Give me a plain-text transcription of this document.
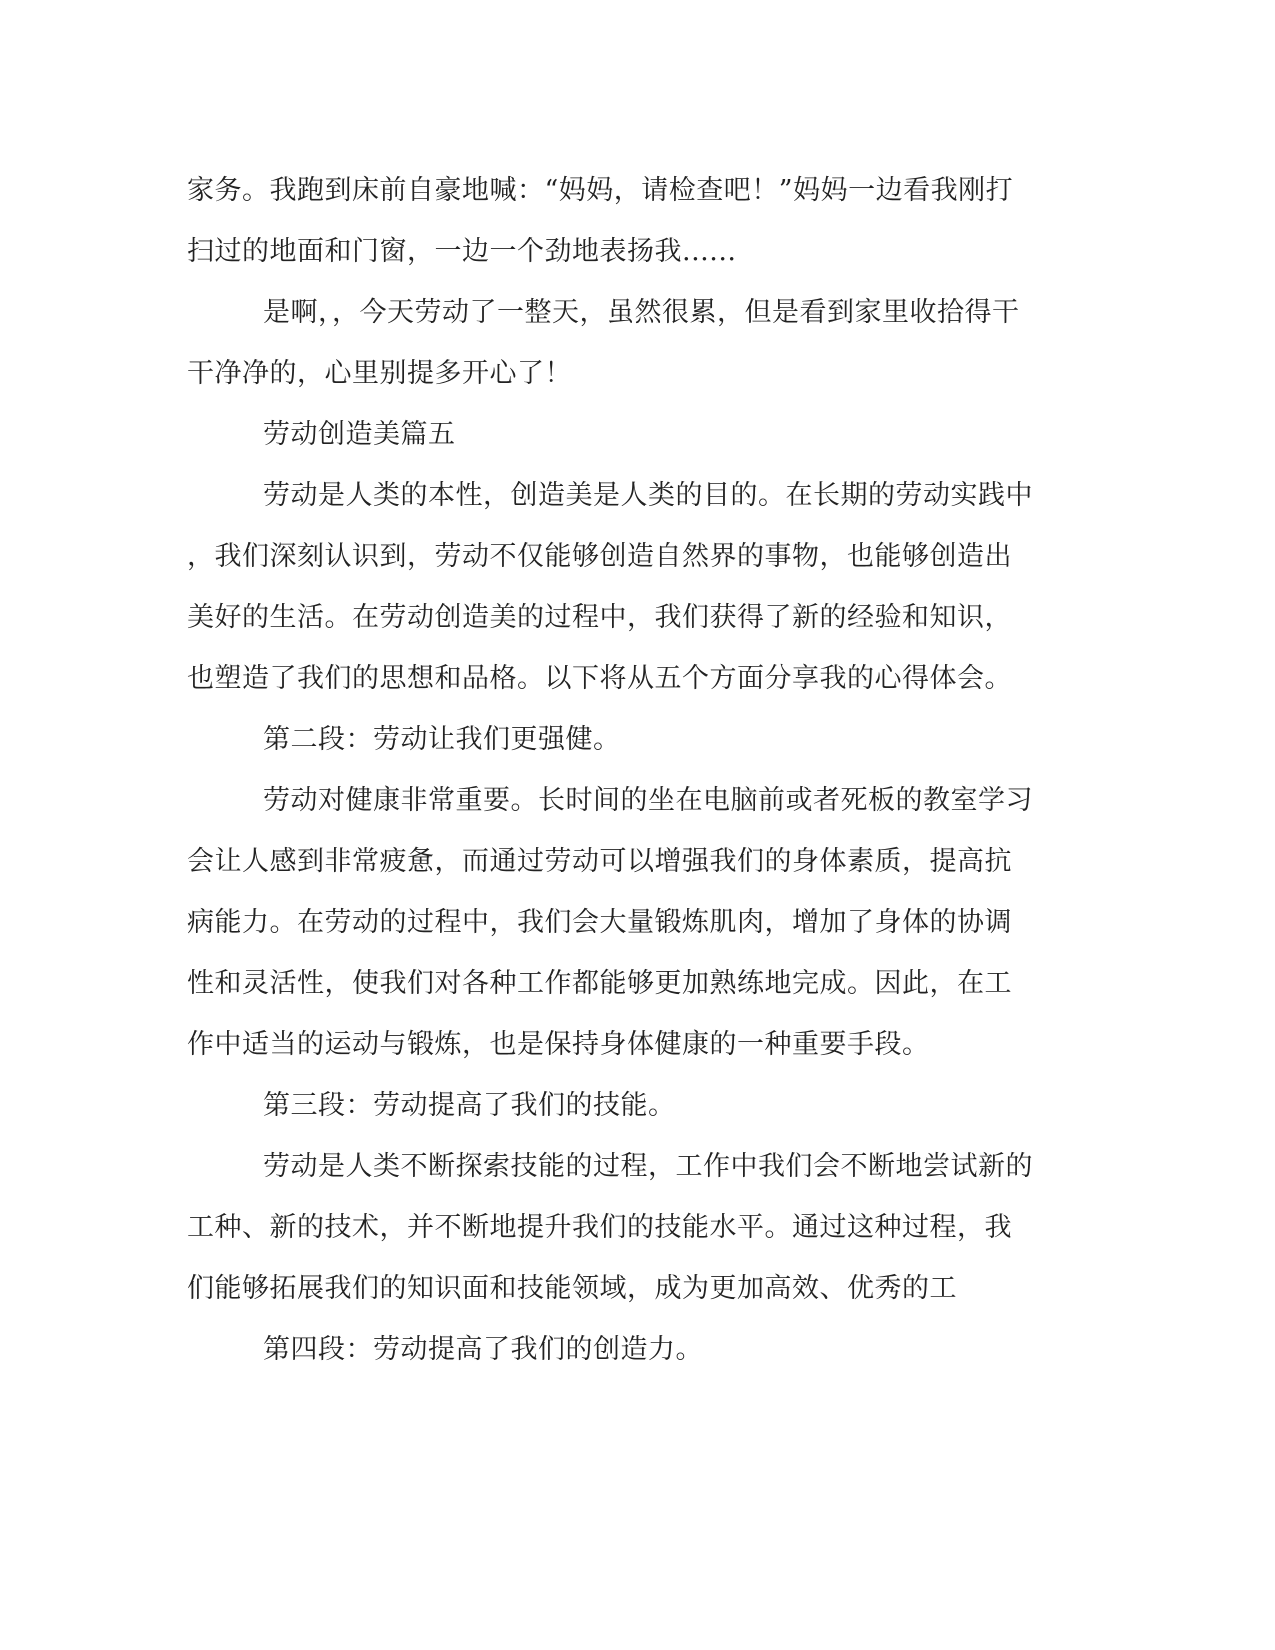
家务。我跑到床前自豪地喊：“妈妈，请检查吧！”妈妈一边看我刚打
扫过的地面和门窗，一边一个劲地表扬我......
是啊，，今天劳动了一整天，虽然很累，但是看到家里收拾得干
干净净的，心里别提多开心了！
劳动创造美篇五
劳动是人类的本性，创造美是人类的目的。在长期的劳动实践中
，我们深刻认识到，劳动不仅能够创造自然界的事物，也能够创造出
美好的生活。在劳动创造美的过程中，我们获得了新的经验和知识，
也塑造了我们的思想和品格。以下将从五个方面分享我的心得体会。
第二段：劳动让我们更强健。
劳动对健康非常重要。长时间的坐在电脑前或者死板的教室学习
会让人感到非常疲惫，而通过劳动可以增强我们的身体素质，提高抗
病能力。在劳动的过程中，我们会大量锻炼肌肉，增加了身体的协调
性和灵活性，使我们对各种工作都能够更加熟练地完成。因此，在工
作中适当的运动与锻炼，也是保持身体健康的一种重要手段。
第三段：劳动提高了我们的技能。
劳动是人类不断探索技能的过程，工作中我们会不断地尝试新的
工种、新的技术，并不断地提升我们的技能水平。通过这种过程，我
们能够拓展我们的知识面和技能领域，成为更加高效、优秀的工
第四段：劳动提高了我们的创造力。
